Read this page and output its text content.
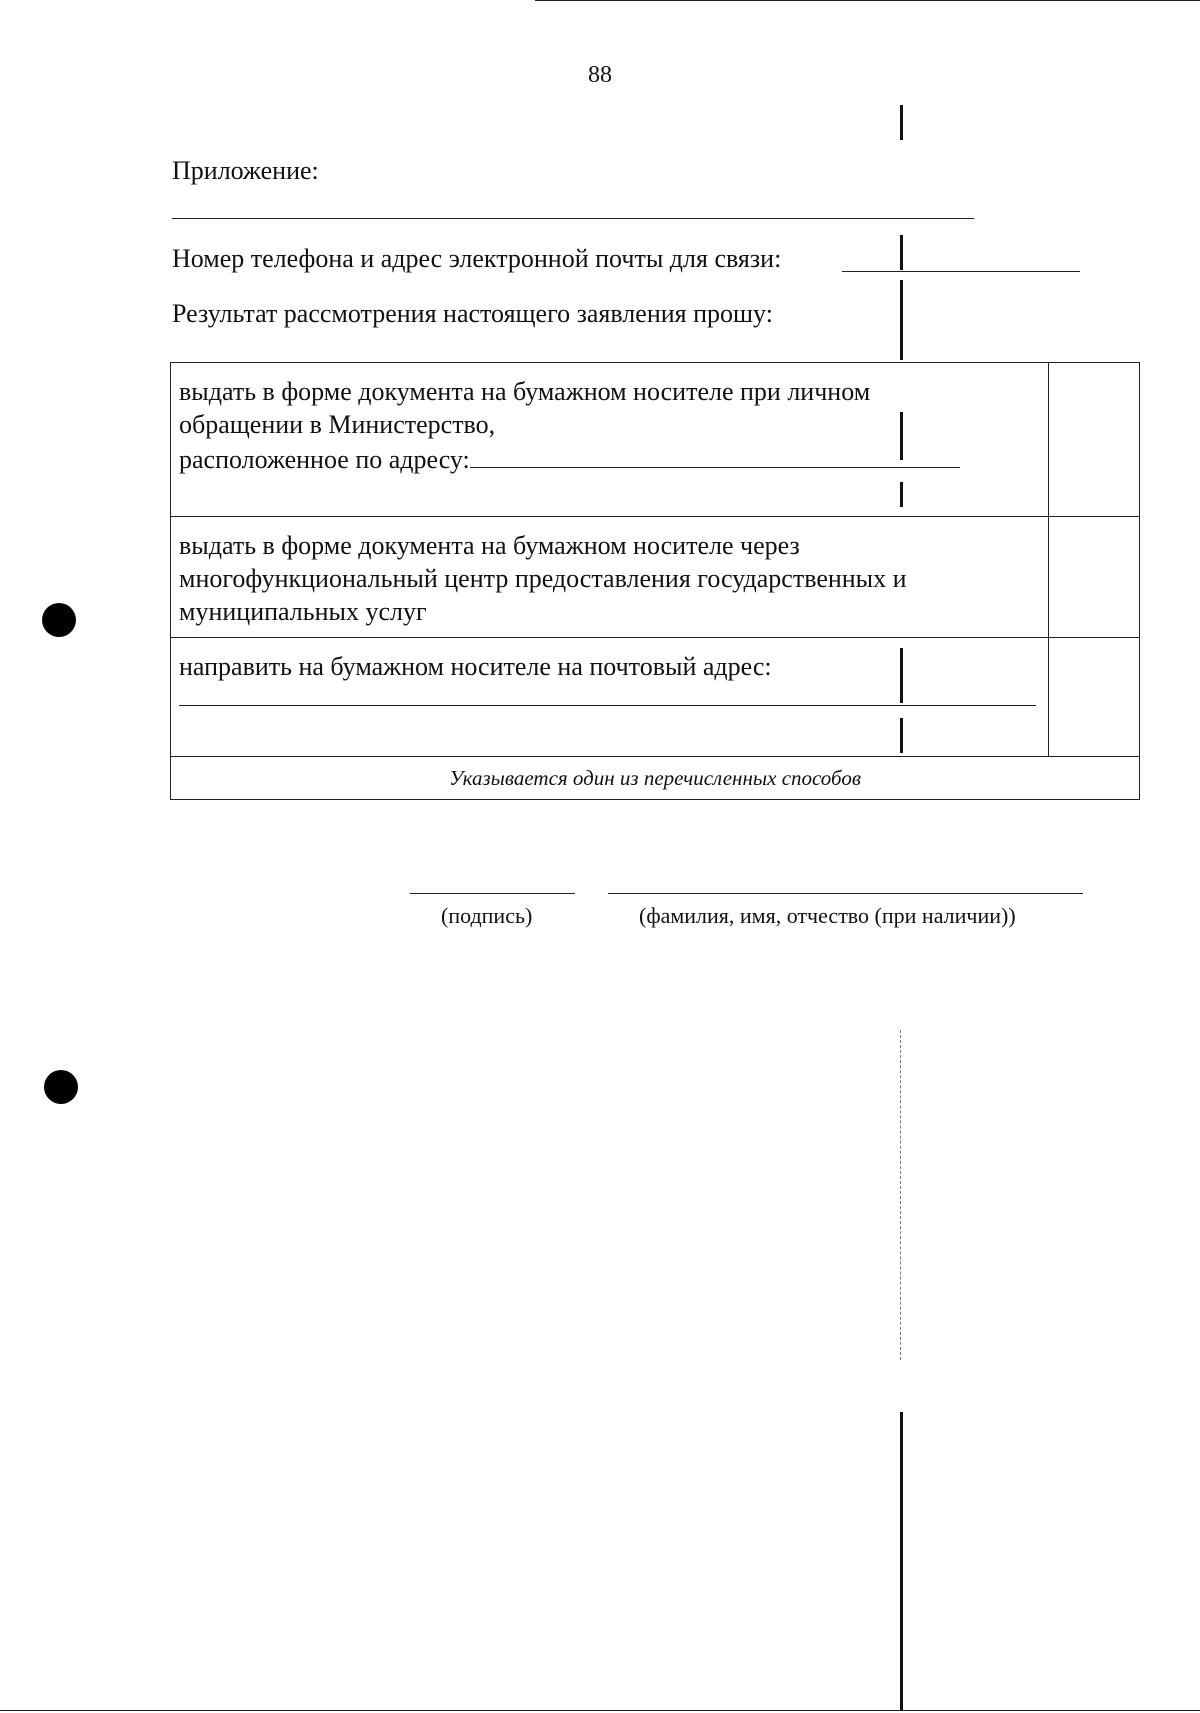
88
Приложение:
Номер телефона и адрес электронной почты для связи:
Результат рассмотрения настоящего заявления прошу:
выдать в форме документа на бумажном носителе при личном
обращении в Министерство,
расположенное по адресу:	

выдать в форме документа на бумажном носителе через
многофункциональный центр предоставления государственных и
муниципальных услуг	

направить на бумажном носителе на почтовый адрес:	

Указывается один из перечисленных способов	
(подпись)	(фамилия, имя, отчество (при наличии))
